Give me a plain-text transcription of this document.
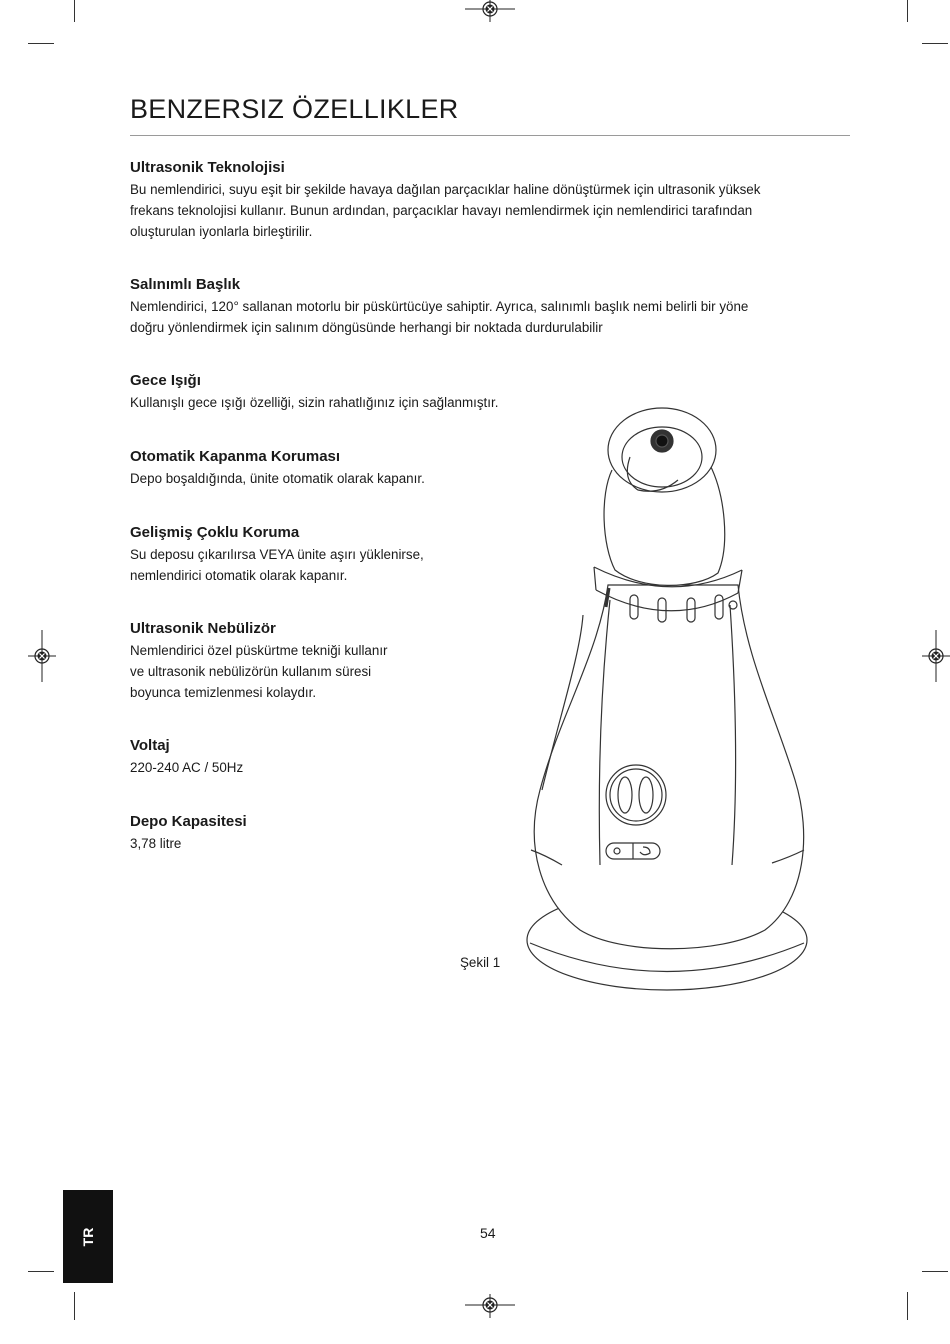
BENZERSIZ ÖZELLIKLER
Ultrasonik Teknolojisi

Bu nemlendirici, suyu eşit bir şekilde havaya dağılan parçacıklar haline dönüştürmek için ultrasonik yüksek
frekans teknolojisi kullanır. Bunun ardından, parçacıklar havayı nemlendirmek için nemlendirici tarafından
oluşturulan iyonlarla birleştirilir.

Salınımlı Başlık

Nemlendirici, 120° sallanan motorlu bir püskürtücüye sahiptir. Ayrıca, salınımlı başlık nemi belirli bir yöne
doğru yönlendirmek için salınım döngüsünde herhangi bir noktada durdurulabilir

Gece Işığı

Kullanışlı gece ışığı özelliği, sizin rahatlığınız için sağlanmıştır.

Otomatik Kapanma Koruması

Depo boşaldığında, ünite otomatik olarak kapanır.

Gelişmiş Çoklu Koruma

Su deposu çıkarılırsa VEYA ünite aşırı yüklenirse,
nemlendirici otomatik olarak kapanır.

Ultrasonik Nebülizör

Nemlendirici özel püskürtme tekniği kullanır
ve ultrasonik nebülizörün kullanım süresi
boyunca temizlenmesi kolaydır.

Voltaj

220-240 AC / 50Hz

Depo Kapasitesi

3,78 litre

Şekil 1
TR	54
